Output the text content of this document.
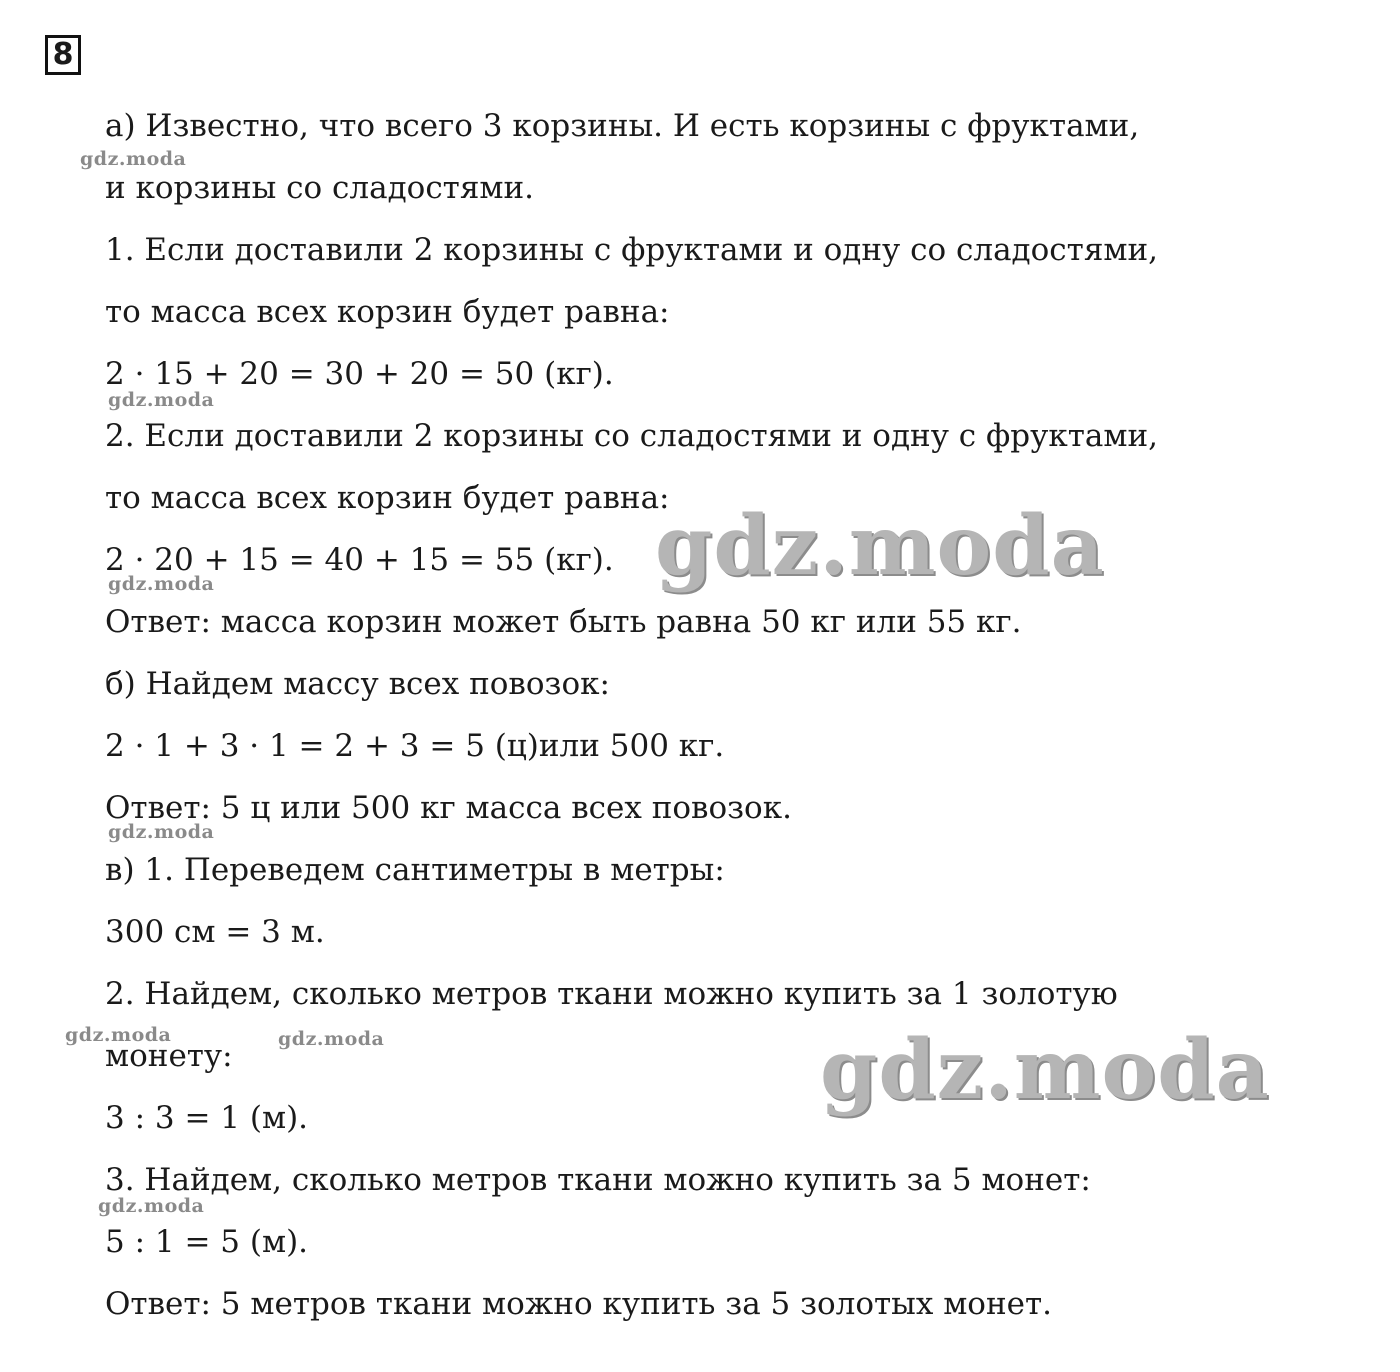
8
а) Известно, что всего 3 корзины. И есть корзины с фруктами,
и корзины со сладостями.
1. Если доставили 2 корзины с фруктами и одну со сладостями,
то масса всех корзин будет равна:
2 · 15 + 20 = 30 + 20 = 50 (кг).
2. Если доставили 2 корзины со сладостями и одну с фруктами,
то масса всех корзин будет равна:
2 · 20 + 15 = 40 + 15 = 55 (кг).
Ответ: масса корзин может быть равна 50 кг или 55 кг.
б) Найдем массу всех повозок:
2 · 1 + 3 · 1 = 2 + 3 = 5 (ц)или 500 кг.
Ответ: 5 ц или 500 кг масса всех повозок.
в) 1. Переведем сантиметры в метры:
300 см = 3 м.
2. Найдем, сколько метров ткани можно купить за 1 золотую
монету:
3 : 3 = 1 (м).
3. Найдем, сколько метров ткани можно купить за 5 монет:
5 : 1 = 5 (м).
Ответ: 5 метров ткани можно купить за 5 золотых монет.
gdz.moda
gdz.moda
gdz.moda
gdz.moda
gdz.moda	gdz.moda
gdz.moda
gdz.moda
gdz.moda
